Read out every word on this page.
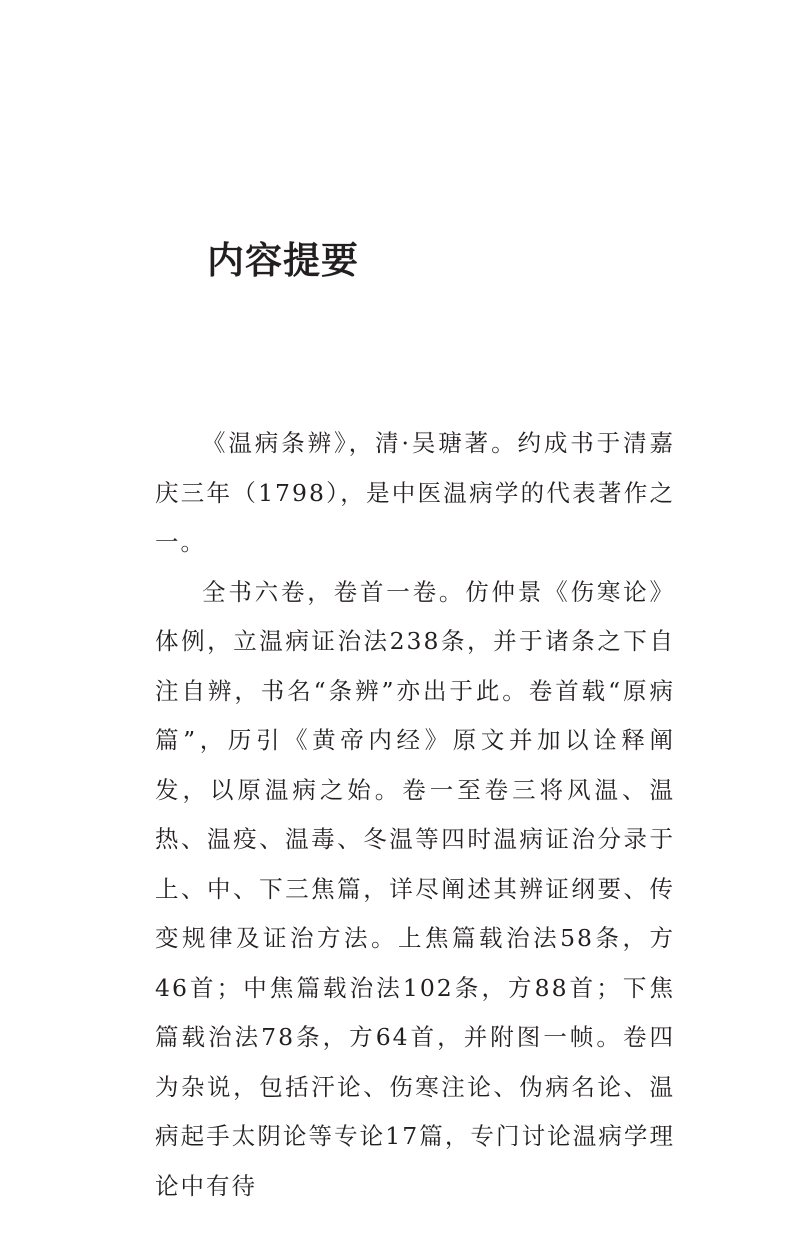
内容提要

《温病条辨》，清·吴瑭著。约成书于清嘉庆三年（1798），是中医温病学的代表著作之一。

全书六卷，卷首一卷。仿仲景《伤寒论》体例，立温病证治法238条，并于诸条之下自注自辨，书名“条辨”亦出于此。卷首载“原病篇”，历引《黄帝内经》原文并加以诠释阐发，以原温病之始。卷一至卷三将风温、温热、温疫、温毒、冬温等四时温病证治分录于上、中、下三焦篇，详尽阐述其辨证纲要、传变规律及证治方法。上焦篇载治法58条，方46首；中焦篇载治法102条，方88首；下焦篇载治法78条，方64首，并附图一帧。卷四为杂说，包括汗论、伤寒注论、伪病名论、温病起手太阴论等专论17篇，专门讨论温病学理论中有待
